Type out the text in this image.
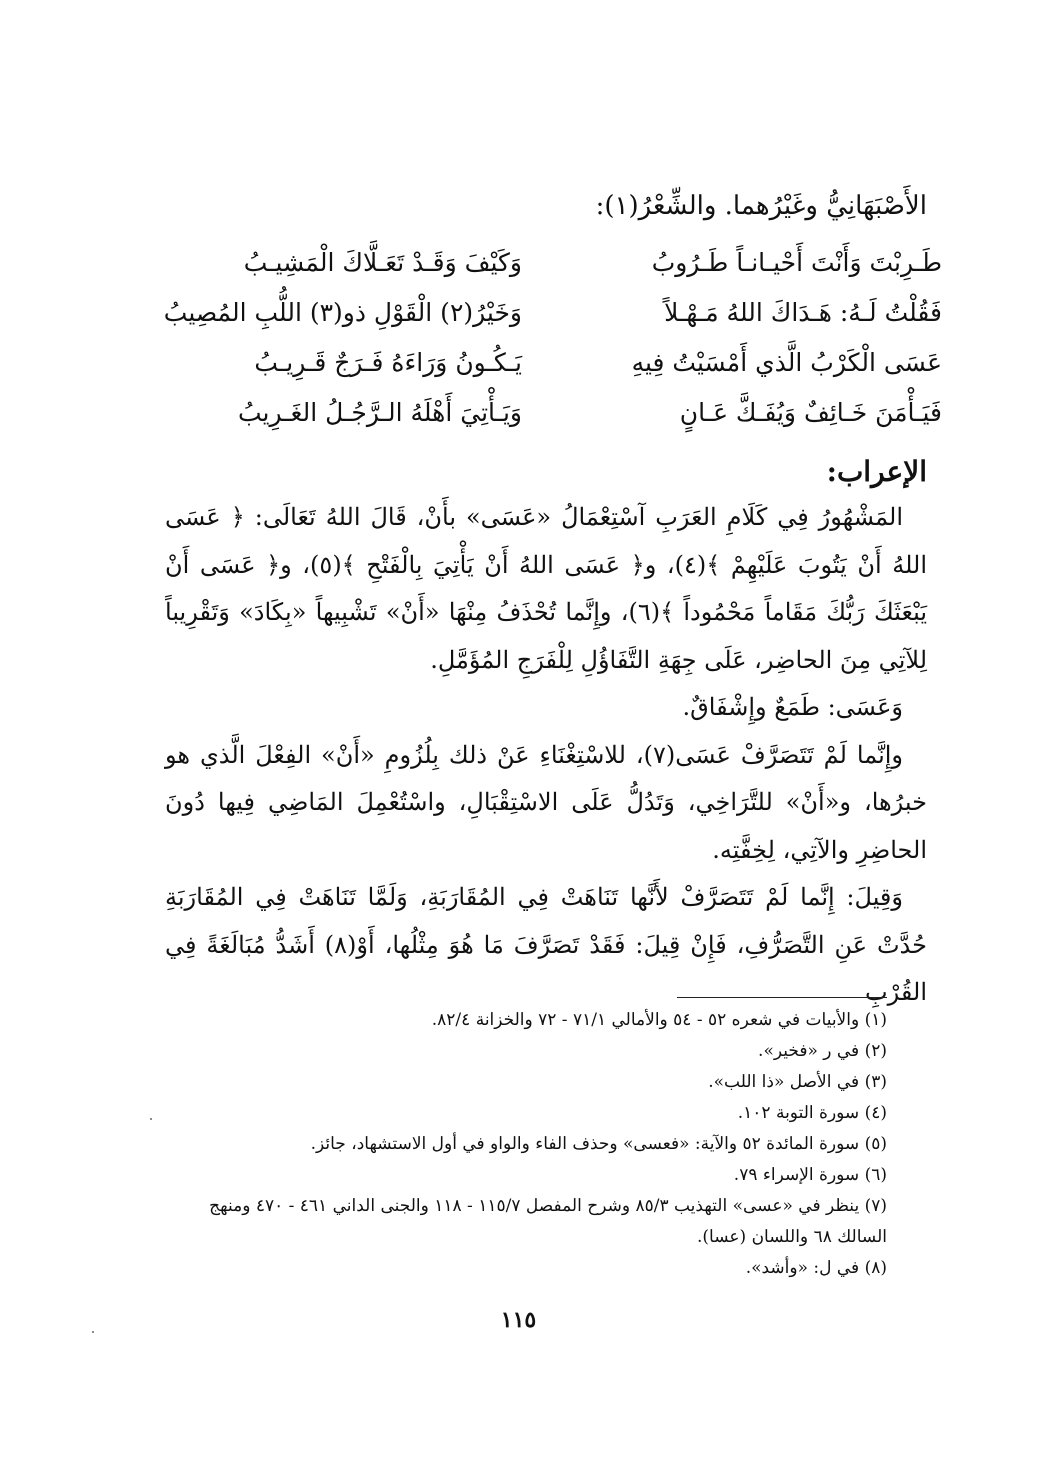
الأَصْبَهَانِيُّ وغَيْرُهما. والشِّعْرُ(١):
طَـرِبْتَ وَأَنْتَ أَحْيـانـاً طَـرُوبُ
وَكَيْفَ وَقَـدْ تَعَـلَّاكَ الْمَشِيـبُ
فَقُلْتُ لَـهُ: هَـدَاكَ اللهُ مَـهْـلاً
وَخَيْرُ(٢) الْقَوْلِ ذو(٣) اللُّبِ المُصِيبُ
عَسَى الْكَرْبُ الَّذي أَمْسَيْتُ فِيهِ
يَـكُـونُ وَرَاءَهُ فَـرَجٌ قَـرِيـبُ
فَيَـأْمَنَ خَـائِفٌ وَيُفَـكَّ عَـانٍ
وَيَـأْتِيَ أَهْلَهُ الـرَّجُـلُ الغَـرِيبُ
الإعراب:

المَشْهُورُ فِي كَلَامِ العَرَبِ آسْتِعْمَالُ «عَسَى» بأَنْ، قَالَ اللهُ تَعَالَى: ﴿ عَسَى اللهُ أَنْ يَتُوبَ عَلَيْهِمْ ﴾(٤)، و﴿ عَسَى اللهُ أَنْ يَأْتِيَ بِالْفَتْحِ ﴾(٥)، و﴿ عَسَى أَنْ يَبْعَثَكَ رَبُّكَ مَقَاماً مَحْمُوداً ﴾(٦)، وإِنَّما تُحْذَفُ مِنْهَا «أَنْ» تَشْبِيهاً «بِكَادَ» وَتَقْرِيباً لِلآتِي مِنَ الحاضِر، عَلَى جِهَةِ التَّفَاؤُلِ لِلْفَرَجِ المُؤَمَّلِ.

وَعَسَى: طَمَعٌ وإِشْفَاقٌ.

وإِنَّما لَمْ تَتَصَرَّفْ عَسَى(٧)، للاسْتِغْنَاءِ عَنْ ذلك بِلُزُومِ «أَنْ» الفِعْلَ الَّذي هو خبرُها، و«أَنْ» للتَّرَاخِي، وَتَدُلُّ عَلَى الاسْتِقْبَالِ، واسْتُعْمِلَ المَاضِي فِيها دُونَ الحاضِرِ والآتِي، لِخِفَّتِه.

وَقِيلَ: إِنَّما لَمْ تَتَصَرَّفْ لأَنَّها تَنَاهَتْ فِي المُقَارَبَةِ، وَلَمَّا تَنَاهَتْ فِي المُقَارَبَةِ حُدَّتْ عَنِ التَّصَرُّفِ، فَإِنْ قِيلَ: فَقَدْ تَصَرَّفَ مَا هُوَ مِثْلُها، أَوْ(٨) أَشَدُّ مُبَالَغَةً فِي القُرْبِ

(١) والأبيات في شعره ٥٢ - ٥٤ والأمالي ٧١/١ - ٧٢ والخزانة ٨٢/٤.

(٢) في ر «فخير».

(٣) في الأصل «ذا اللب».

(٤) سورة التوبة ١٠٢.

(٥) سورة المائدة ٥٢ والآية: «فعسى» وحذف الفاء والواو في أول الاستشهاد، جائز.

(٦) سورة الإسراء ٧٩.

(٧) ينظر في «عسى» التهذيب ٨٥/٣ وشرح المفصل ١١٥/٧ - ١١٨ والجنى الداني ٤٦١ - ٤٧٠ ومنهج السالك ٦٨ واللسان (عسا).

(٨) في ل: «وأشد».

١١٥
